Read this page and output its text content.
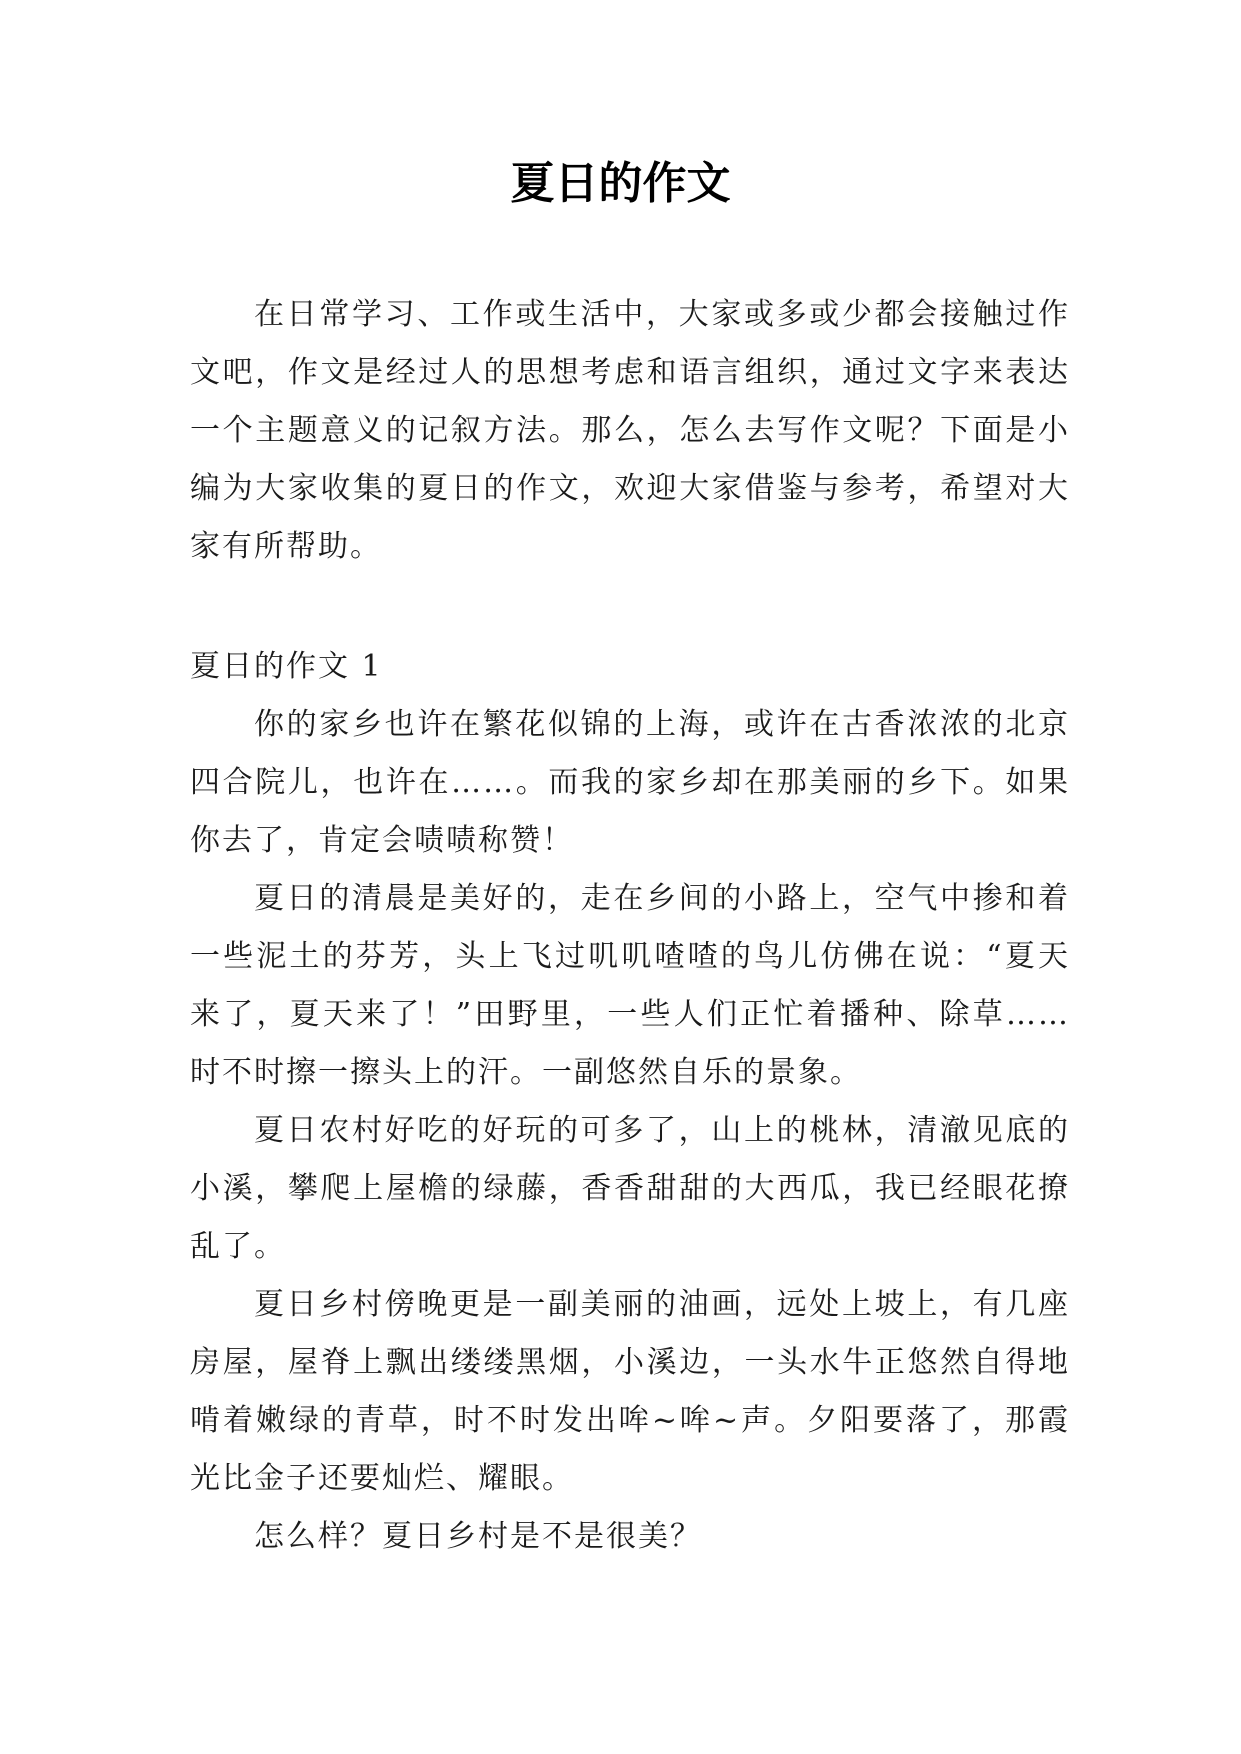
夏日的作文

在日常学习、工作或生活中，大家或多或少都会接触过作文吧，作文是经过人的思想考虑和语言组织，通过文字来表达一个主题意义的记叙方法。那么，怎么去写作文呢？下面是小编为大家收集的夏日的作文，欢迎大家借鉴与参考，希望对大家有所帮助。

夏日的作文 1

你的家乡也许在繁花似锦的上海，或许在古香浓浓的北京四合院儿，也许在……。而我的家乡却在那美丽的乡下。如果你去了，肯定会啧啧称赞！

夏日的清晨是美好的，走在乡间的小路上，空气中掺和着一些泥土的芬芳，头上飞过叽叽喳喳的鸟儿仿佛在说：“夏天来了，夏天来了！”田野里，一些人们正忙着播种、除草……时不时擦一擦头上的汗。一副悠然自乐的景象。

夏日农村好吃的好玩的可多了，山上的桃林，清澈见底的小溪，攀爬上屋檐的绿藤，香香甜甜的大西瓜，我已经眼花撩乱了。

夏日乡村傍晚更是一副美丽的油画，远处上坡上，有几座房屋，屋脊上飘出缕缕黑烟，小溪边，一头水牛正悠然自得地啃着嫩绿的青草，时不时发出哞~哞~声。夕阳要落了，那霞光比金子还要灿烂、耀眼。

怎么样？夏日乡村是不是很美？
